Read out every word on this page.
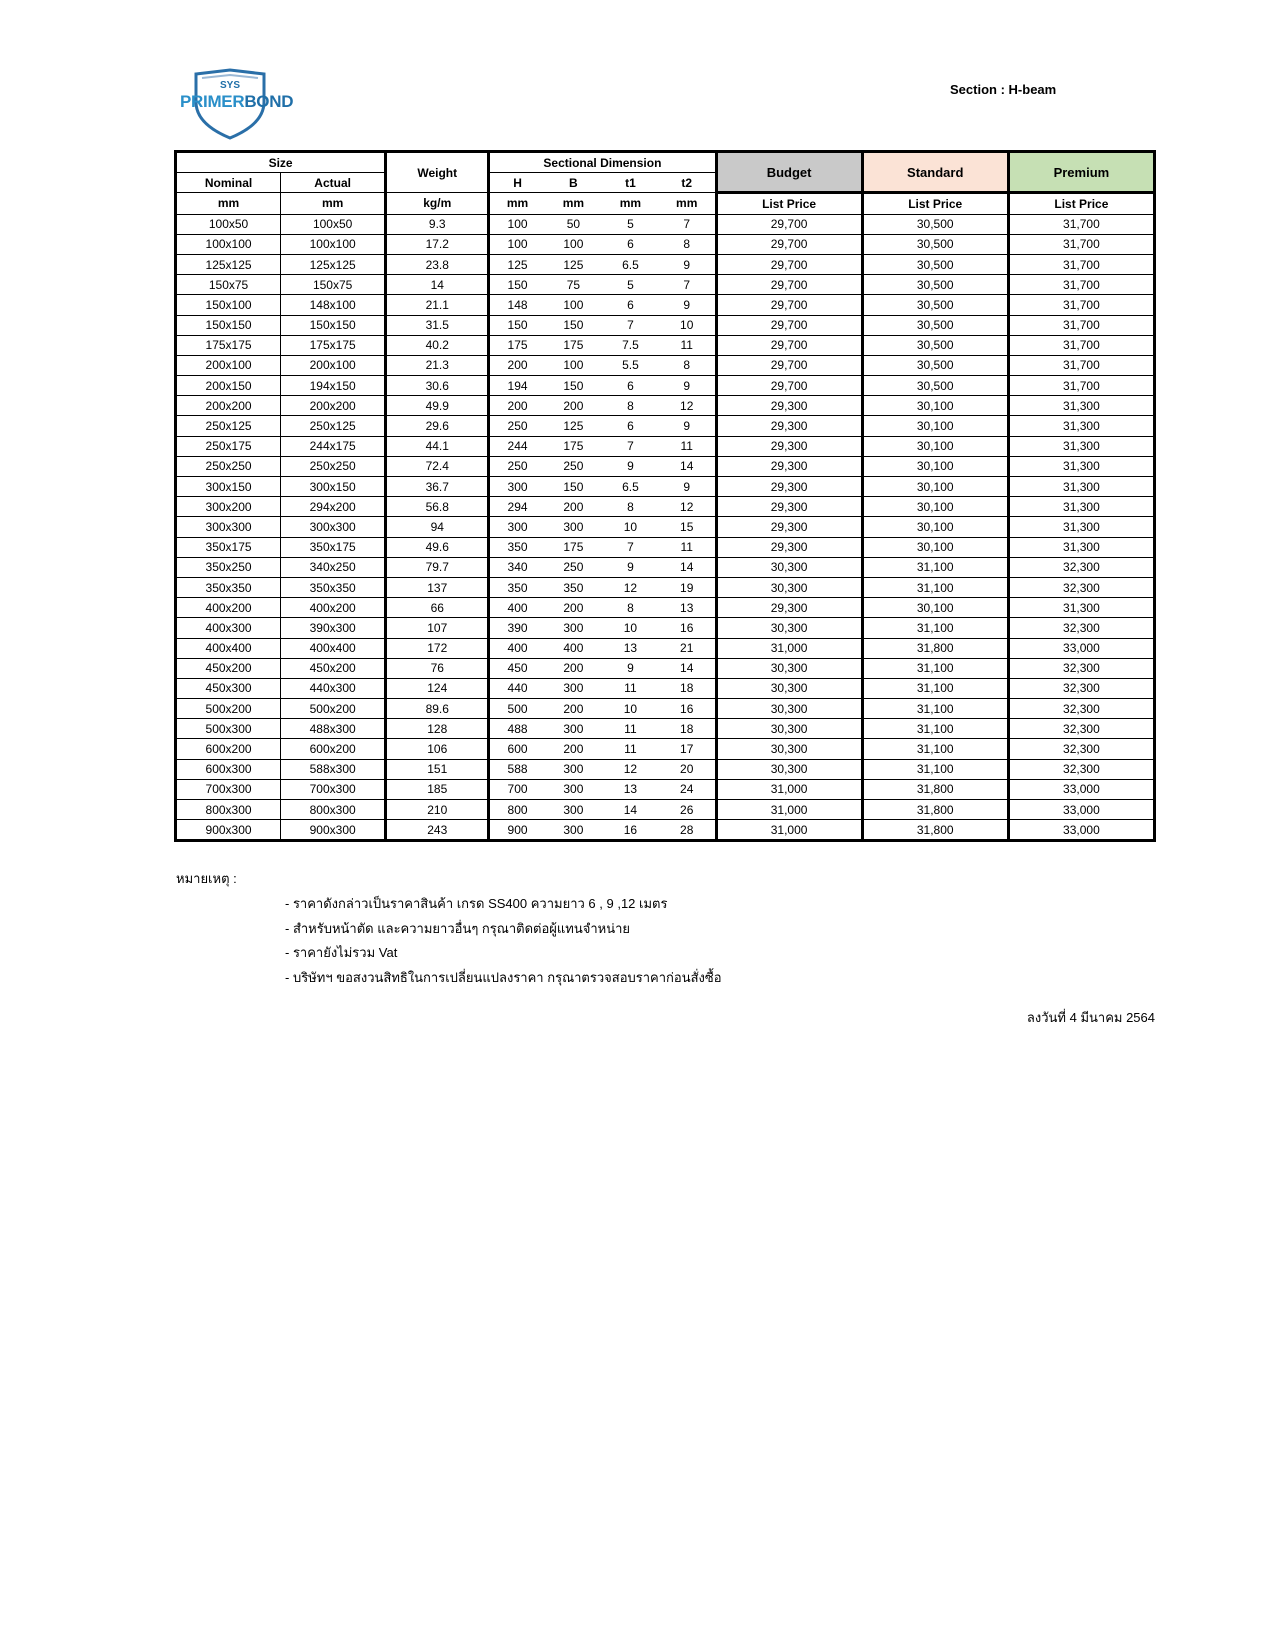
SYS
PRIMERBOND
Section : H-beam
Size		Weight	Sectional Dimension				Budget	Standard	Premium
Nominal	Actual		H	B	t1	t2			
mm	mm	kg/m	mm	mm	mm	mm	List Price	List Price	List Price
100x50	100x50	9.3	100	50	5	7	29,700	30,500	31,700
100x100	100x100	17.2	100	100	6	8	29,700	30,500	31,700
125x125	125x125	23.8	125	125	6.5	9	29,700	30,500	31,700
150x75	150x75	14	150	75	5	7	29,700	30,500	31,700
150x100	148x100	21.1	148	100	6	9	29,700	30,500	31,700
150x150	150x150	31.5	150	150	7	10	29,700	30,500	31,700
175x175	175x175	40.2	175	175	7.5	11	29,700	30,500	31,700
200x100	200x100	21.3	200	100	5.5	8	29,700	30,500	31,700
200x150	194x150	30.6	194	150	6	9	29,700	30,500	31,700
200x200	200x200	49.9	200	200	8	12	29,300	30,100	31,300
250x125	250x125	29.6	250	125	6	9	29,300	30,100	31,300
250x175	244x175	44.1	244	175	7	11	29,300	30,100	31,300
250x250	250x250	72.4	250	250	9	14	29,300	30,100	31,300
300x150	300x150	36.7	300	150	6.5	9	29,300	30,100	31,300
300x200	294x200	56.8	294	200	8	12	29,300	30,100	31,300
300x300	300x300	94	300	300	10	15	29,300	30,100	31,300
350x175	350x175	49.6	350	175	7	11	29,300	30,100	31,300
350x250	340x250	79.7	340	250	9	14	30,300	31,100	32,300
350x350	350x350	137	350	350	12	19	30,300	31,100	32,300
400x200	400x200	66	400	200	8	13	29,300	30,100	31,300
400x300	390x300	107	390	300	10	16	30,300	31,100	32,300
400x400	400x400	172	400	400	13	21	31,000	31,800	33,000
450x200	450x200	76	450	200	9	14	30,300	31,100	32,300
450x300	440x300	124	440	300	11	18	30,300	31,100	32,300
500x200	500x200	89.6	500	200	10	16	30,300	31,100	32,300
500x300	488x300	128	488	300	11	18	30,300	31,100	32,300
600x200	600x200	106	600	200	11	17	30,300	31,100	32,300
600x300	588x300	151	588	300	12	20	30,300	31,100	32,300
700x300	700x300	185	700	300	13	24	31,000	31,800	33,000
800x300	800x300	210	800	300	14	26	31,000	31,800	33,000
900x300	900x300	243	900	300	16	28	31,000	31,800	33,000
หมายเหตุ :
- ราคาดังกล่าวเป็นราคาสินค้า เกรด SS400 ความยาว 6 , 9 ,12 เมตร
- สำหรับหน้าตัด และความยาวอื่นๆ กรุณาติดต่อผู้แทนจำหน่าย
- ราคายังไม่รวม Vat
- บริษัทฯ ขอสงวนสิทธิในการเปลี่ยนแปลงราคา กรุณาตรวจสอบราคาก่อนสั่งซื้อ
ลงวันที่ 4 มีนาคม 2564
